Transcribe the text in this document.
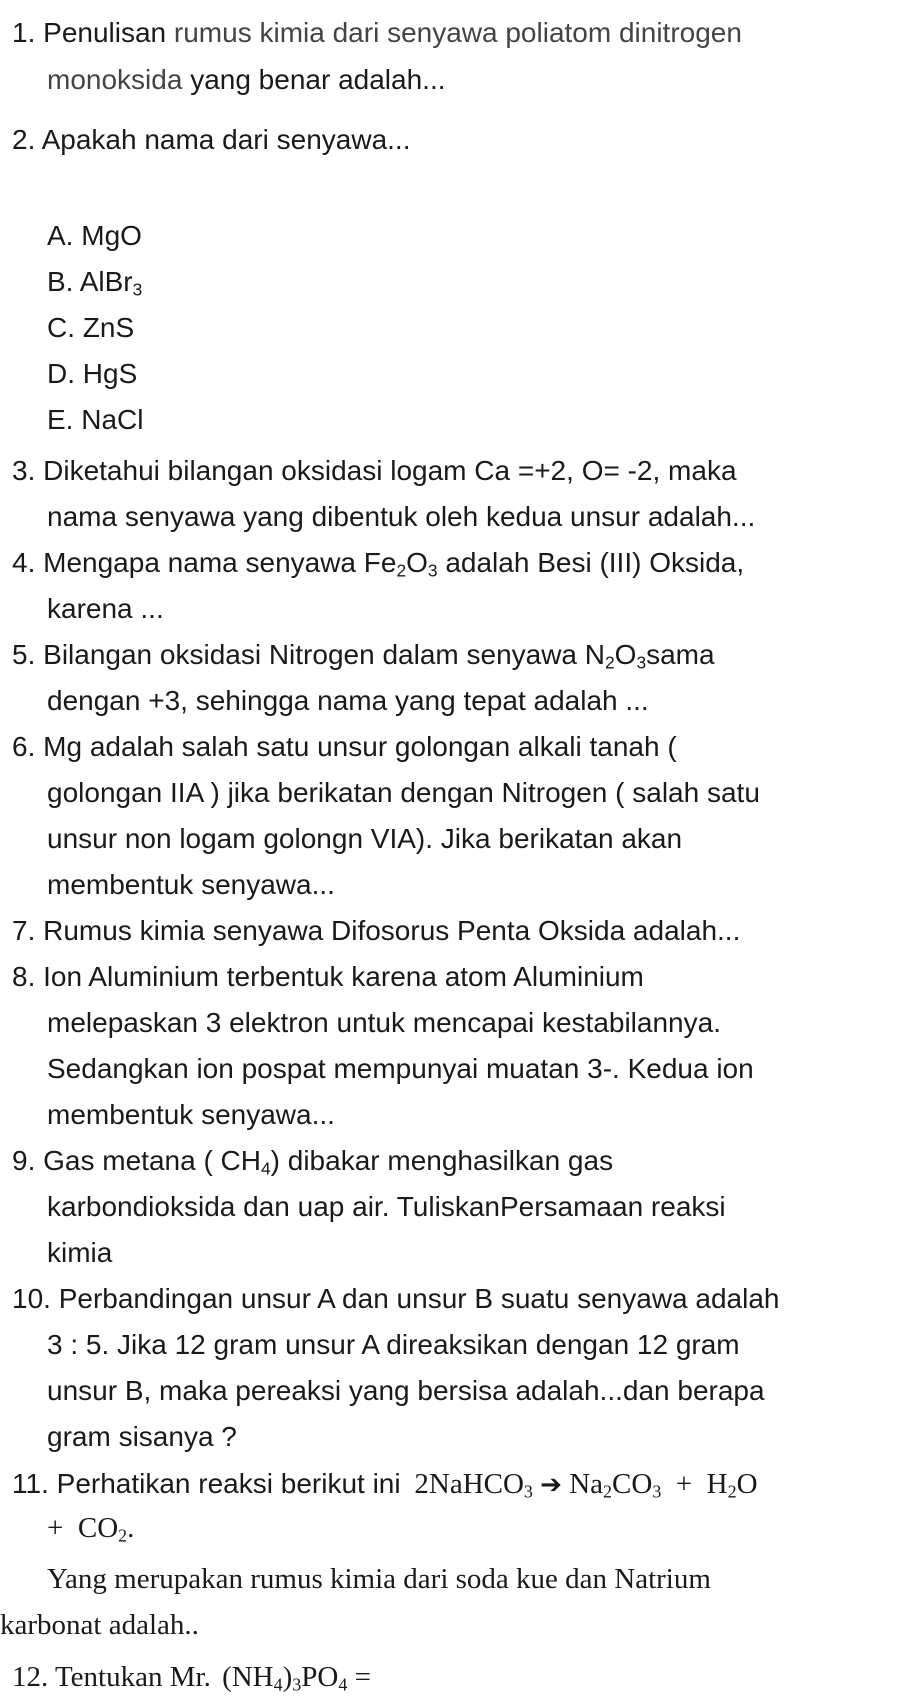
1. Penulisan rumus kimia dari senyawa poliatom dinitrogen
monoksida yang benar adalah...
2. Apakah nama dari senyawa...
A. MgO
B. AlBr$_3$
C. ZnS
D. HgS
E. NaCl
3. Diketahui bilangan oksidasi logam Ca =+2, O= -2, maka
nama senyawa yang dibentuk oleh kedua unsur adalah...
4. Mengapa nama senyawa $Fe_2O_3$ adalah Besi (III) Oksida,
karena ...
5. Bilangan oksidasi Nitrogen dalam senyawa $N_2O_3sama$
dengan +3, sehingga nama yang tepat adalah ...
6. Mg adalah salah satu unsur golongan alkali tanah (
golongan IIA ) jika berikatan dengan Nitrogen ( salah satu
unsur non logam golongn VIA). Jika berikatan akan
membentuk senyawa...
7. Rumus kimia senyawa Difosorus Penta Oksida adalah...
8. Ion Aluminium terbentuk karena atom Aluminium
melepaskan 3 elektron untuk mencapai kestabilannya.
Sedangkan ion pospat mempunyai muatan 3-. Kedua ion
membentuk senyawa...
9. Gas metana ( $CH_4$) dibakar menghasilkan gas
karbondioksida dan uap air. TuliskanPersamaan reaksi
kimia
10. Perbandingan unsur A dan unsur B suatu senyawa adalah
3 : 5. Jika 12 gram unsur A direaksikan dengan 12 gram
unsur B, maka pereaksi yang bersisa adalah...dan berapa
gram sisanya ?
11. Perhatikan reaksi berikut ini 2NaHCO$_3$ ➔ $Na_2CO_3 + H_2O$
+ $CO_2$.
Yang merupakan rumus kimia dari soda kue dan Natrium
karbonat adalah..
12. Tentukan Mr. $(NH_4)_3PO_4$ =
